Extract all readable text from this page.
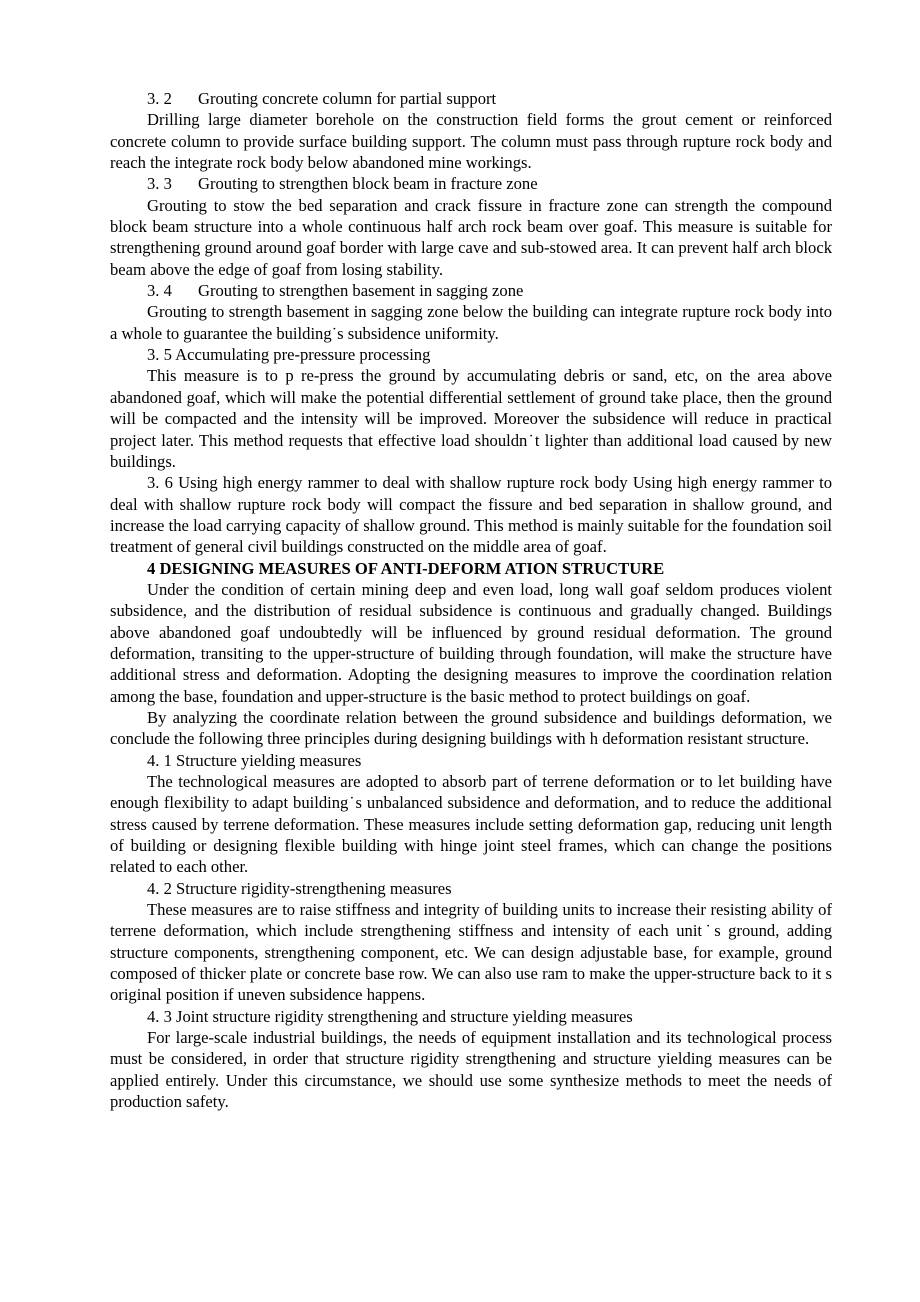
3. 2 Grouting concrete column for partial support

Drilling large diameter borehole on the construction field forms the grout cement or reinforced concrete column to provide surface building support. The column must pass through rupture rock body and reach the integrate rock body below abandoned mine workings.

3. 3 Grouting to strengthen block beam in fracture zone

Grouting to stow the bed separation and crack fissure in fracture zone can strength the compound block beam structure into a whole continuous half arch rock beam over goaf. This measure is suitable for strengthening ground around goaf border with large cave and sub-stowed area. It can prevent half arch block beam above the edge of goaf from losing stability.

3. 4 Grouting to strengthen basement in sagging zone

Grouting to strength basement in sagging zone below the building can integrate rupture rock body into a whole to guarantee the building˙s subsidence uniformity.

3. 5 Accumulating pre-pressure processing

This measure is to p re-press the ground by accumulating debris or sand, etc, on the area above abandoned goaf, which will make the potential differential settlement of ground take place, then the ground will be compacted and the intensity will be improved. Moreover the subsidence will reduce in practical project later. This method requests that effective load shouldn˙t lighter than additional load caused by new buildings.

3. 6 Using high energy rammer to deal with shallow rupture rock body Using high energy rammer to deal with shallow rupture rock body will compact the fissure and bed separation in shallow ground, and increase the load carrying capacity of shallow ground. This method is mainly suitable for the foundation soil treatment of general civil buildings constructed on the middle area of goaf.

4 DESIGNING MEASURES OF ANTI-DEFORM ATION STRUCTURE

Under the condition of certain mining deep and even load, long wall goaf seldom produces violent subsidence, and the distribution of residual subsidence is continuous and gradually changed. Buildings above abandoned goaf undoubtedly will be influenced by ground residual deformation. The ground deformation, transiting to the upper-structure of building through foundation, will make the structure have additional stress and deformation. Adopting the designing measures to improve the coordination relation among the base, foundation and upper-structure is the basic method to protect buildings on goaf.

By analyzing the coordinate relation between the ground subsidence and buildings deformation, we conclude the following three principles during designing buildings with h deformation resistant structure.

4. 1 Structure yielding measures

The technological measures are adopted to absorb part of terrene deformation or to let building have enough flexibility to adapt building˙s unbalanced subsidence and deformation, and to reduce the additional stress caused by terrene deformation. These measures include setting deformation gap, reducing unit length of building or designing flexible building with hinge joint steel frames, which can change the positions related to each other.

4. 2 Structure rigidity-strengthening measures

These measures are to raise stiffness and integrity of building units to increase their resisting ability of terrene deformation, which include strengthening stiffness and intensity of each unit˙s ground, adding structure components, strengthening component, etc. We can design adjustable base, for example, ground composed of thicker plate or concrete base row. We can also use ram to make the upper-structure back to it s original position if uneven subsidence happens.

4. 3 Joint structure rigidity strengthening and structure yielding measures

For large-scale industrial buildings, the needs of equipment installation and its technological process must be considered, in order that structure rigidity strengthening and structure yielding measures can be applied entirely. Under this circumstance, we should use some synthesize methods to meet the needs of production safety.
